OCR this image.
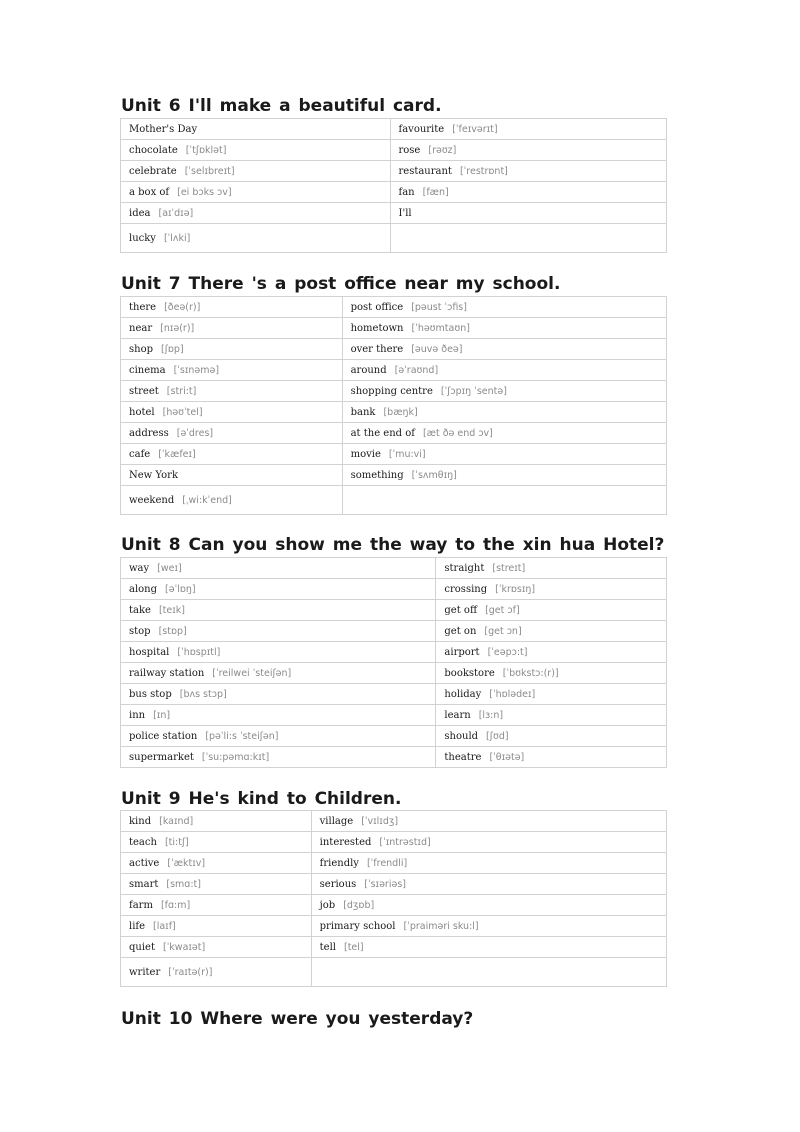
Unit 6 I'll make a beautiful card.
Mother's Day	favourite [ˈfeɪvərɪt]
chocolate [ˈtʃɒklət]	rose [rəʊz]
celebrate [ˈselɪbreɪt]	restaurant [ˈrestrɒnt]
a box of [ei bɔks ɔv]	fan [fæn]
idea [aɪˈdɪə]	I'll
lucky [ˈlʌki]	
Unit 7 There 's a post office near my school.
there [ðeə(r)]	post office [pəust ˈɔfis]
near [nɪə(r)]	hometown [ˈhəʊmtaʊn]
shop [ʃɒp]	over there [əuvə ðeə]
cinema [ˈsɪnəmə]	around [əˈraʊnd]
street [stri:t]	shopping centre [ˈʃɔpɪŋ ˈsentə]
hotel [həʊˈtel]	bank [bæŋk]
address [əˈdres]	at the end of [æt ðə end ɔv]
cafe [ˈkæfeɪ]	movie [ˈmu:vi]
New York	something [ˈsʌmθɪŋ]
weekend [ˌwi:kˈend]	
Unit 8 Can you show me the way to the xin hua Hotel?
way [weɪ]	straight [streɪt]
along [əˈlɒŋ]	crossing [ˈkrɒsɪŋ]
take [teɪk]	get off [get ɔf]
stop [stɒp]	get on [get ɔn]
hospital [ˈhɒspɪtl]	airport [ˈeəpɔ:t]
railway station [ˈreilwei ˈsteiʃən]	bookstore [ˈbʊkstɔ:(r)]
bus stop [bʌs stɔp]	holiday [ˈhɒlədeɪ]
inn [ɪn]	learn [lɜ:n]
police station [pəˈli:s ˈsteiʃən]	should [ʃʊd]
supermarket [ˈsu:pəmɑ:kɪt]	theatre [ˈθɪətə]
Unit 9 He's kind to Children.
kind [kaɪnd]	village [ˈvɪlɪdʒ]
teach [ti:tʃ]	interested [ˈɪntrəstɪd]
active [ˈæktɪv]	friendly [ˈfrendli]
smart [smɑ:t]	serious [ˈsɪəriəs]
farm [fɑ:m]	job [dʒɒb]
life [laɪf]	primary school [ˈpraiməri sku:l]
quiet [ˈkwaɪət]	tell [tel]
writer [ˈraɪtə(r)]	
Unit 10 Where were you yesterday?
